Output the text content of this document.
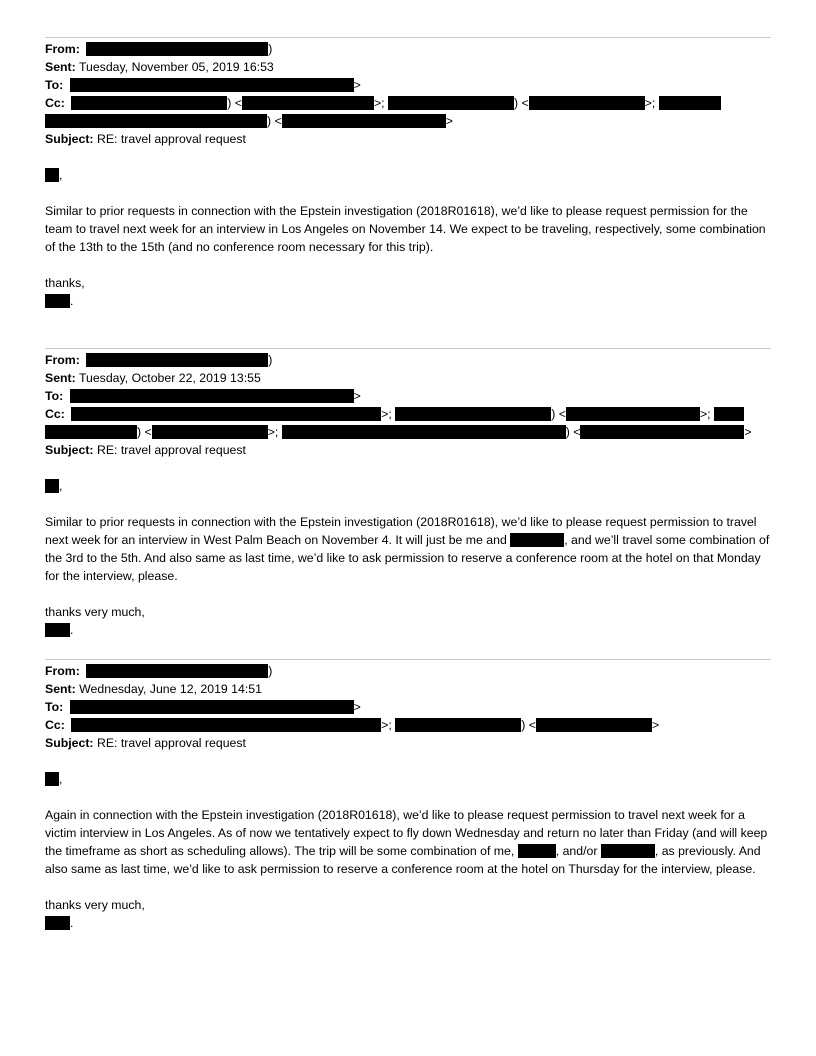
From:	)
Sent: Tuesday, November 05, 2019 16:53
To:	>
Cc:	) <	>;	) <	>;
) <	>
Subject: RE: travel approval request
,

Similar to prior requests in connection with the Epstein investigation (2018R01618), we’d like to please request permission for the team to travel next week for an interview in Los Angeles on November 14. We expect to be traveling, respectively, some combination of the 13th to the 15th (and no conference room necessary for this trip).

thanks,
.
From:	)
Sent: Tuesday, October 22, 2019 13:55
To:	>
Cc:	>;	) <	>;
) <	>;	) <	>
Subject: RE: travel approval request
,

Similar to prior requests in connection with the Epstein investigation (2018R01618), we’d like to please request permission to travel next week for an interview in West Palm Beach on November 4. It will just be me and	, and we’ll travel some combination of the 3rd to the 5th. And also same as last time, we’d like to ask permission to reserve a conference room at the hotel on that Monday for the interview, please.

thanks very much,
.
From:	)
Sent: Wednesday, June 12, 2019 14:51
To:	>
Cc:	>;	) <	>
Subject: RE: travel approval request
,

Again in connection with the Epstein investigation (2018R01618), we’d like to please request permission to travel next week for a victim interview in Los Angeles. As of now we tentatively expect to fly down Wednesday and return no later than Friday (and will keep the timeframe as short as scheduling allows). The trip will be some combination of me,	, and/or	, as previously. And also same as last time, we’d like to ask permission to reserve a conference room at the hotel on Thursday for the interview, please.

thanks very much,
.
